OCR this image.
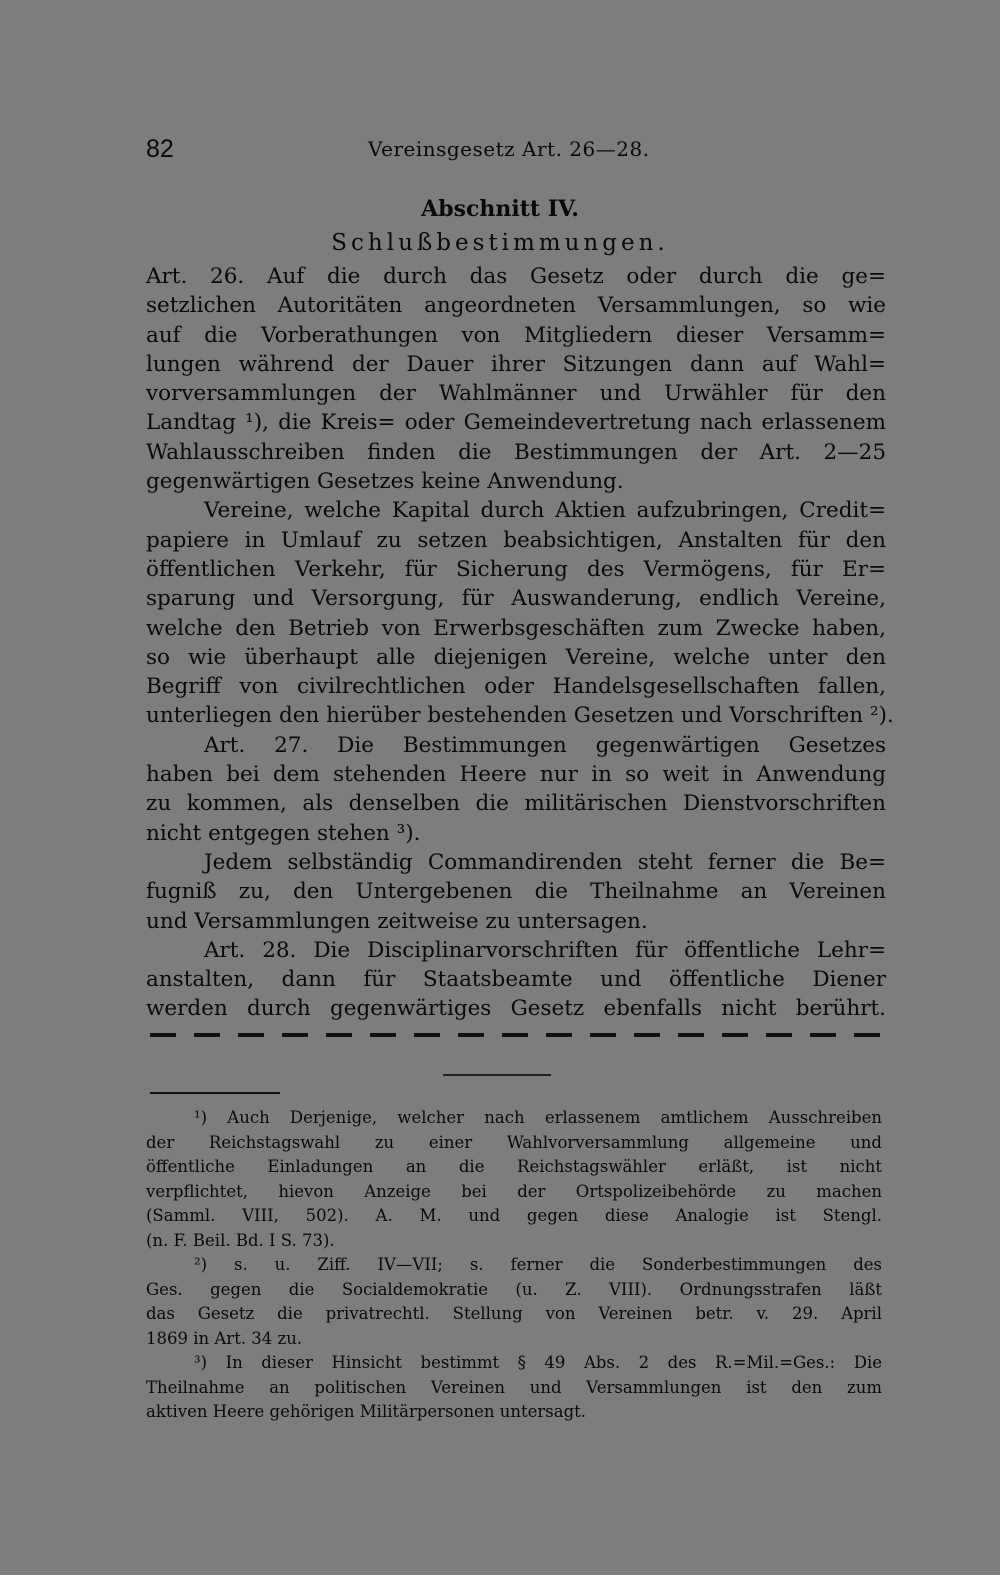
82	Vereinsgesetz Art. 26—28.
Abschnitt IV.
Schlußbestimmungen.
Art. 26. Auf die durch das Gesetz oder durch die ge=
setzlichen Autoritäten angeordneten Versammlungen, so wie
auf die Vorberathungen von Mitgliedern dieser Versamm=
lungen während der Dauer ihrer Sitzungen dann auf Wahl=
vorversammlungen der Wahlmänner und Urwähler für den
Landtag ¹), die Kreis= oder Gemeindevertretung nach erlassenem
Wahlausschreiben finden die Bestimmungen der Art. 2—25
gegenwärtigen Gesetzes keine Anwendung.
Vereine, welche Kapital durch Aktien aufzubringen, Credit=
papiere in Umlauf zu setzen beabsichtigen, Anstalten für den
öffentlichen Verkehr, für Sicherung des Vermögens, für Er=
sparung und Versorgung, für Auswanderung, endlich Vereine,
welche den Betrieb von Erwerbsgeschäften zum Zwecke haben,
so wie überhaupt alle diejenigen Vereine, welche unter den
Begriff von civilrechtlichen oder Handelsgesellschaften fallen,
unterliegen den hierüber bestehenden Gesetzen und Vorschriften ²).
Art. 27. Die Bestimmungen gegenwärtigen Gesetzes
haben bei dem stehenden Heere nur in so weit in Anwendung
zu kommen, als denselben die militärischen Dienstvorschriften
nicht entgegen stehen ³).
Jedem selbständig Commandirenden steht ferner die Be=
fugniß zu, den Untergebenen die Theilnahme an Vereinen
und Versammlungen zeitweise zu untersagen.
Art. 28. Die Disciplinarvorschriften für öffentliche Lehr=
anstalten, dann für Staatsbeamte und öffentliche Diener
werden durch gegenwärtiges Gesetz ebenfalls nicht berührt.
¹) Auch Derjenige, welcher nach erlassenem amtlichem Ausschreiben
der Reichstagswahl zu einer Wahlvorversammlung allgemeine und
öffentliche Einladungen an die Reichstagswähler erläßt, ist nicht
verpflichtet, hievon Anzeige bei der Ortspolizeibehörde zu machen
(Samml. VIII, 502). A. M. und gegen diese Analogie ist Stengl.
(n. F. Beil. Bd. I S. 73).
²) s. u. Ziff. IV—VII; s. ferner die Sonderbestimmungen des
Ges. gegen die Socialdemokratie (u. Z. VIII). Ordnungsstrafen läßt
das Gesetz die privatrechtl. Stellung von Vereinen betr. v. 29. April
1869 in Art. 34 zu.
³) In dieser Hinsicht bestimmt § 49 Abs. 2 des R.=Mil.=Ges.: Die
Theilnahme an politischen Vereinen und Versammlungen ist den zum
aktiven Heere gehörigen Militärpersonen untersagt.
